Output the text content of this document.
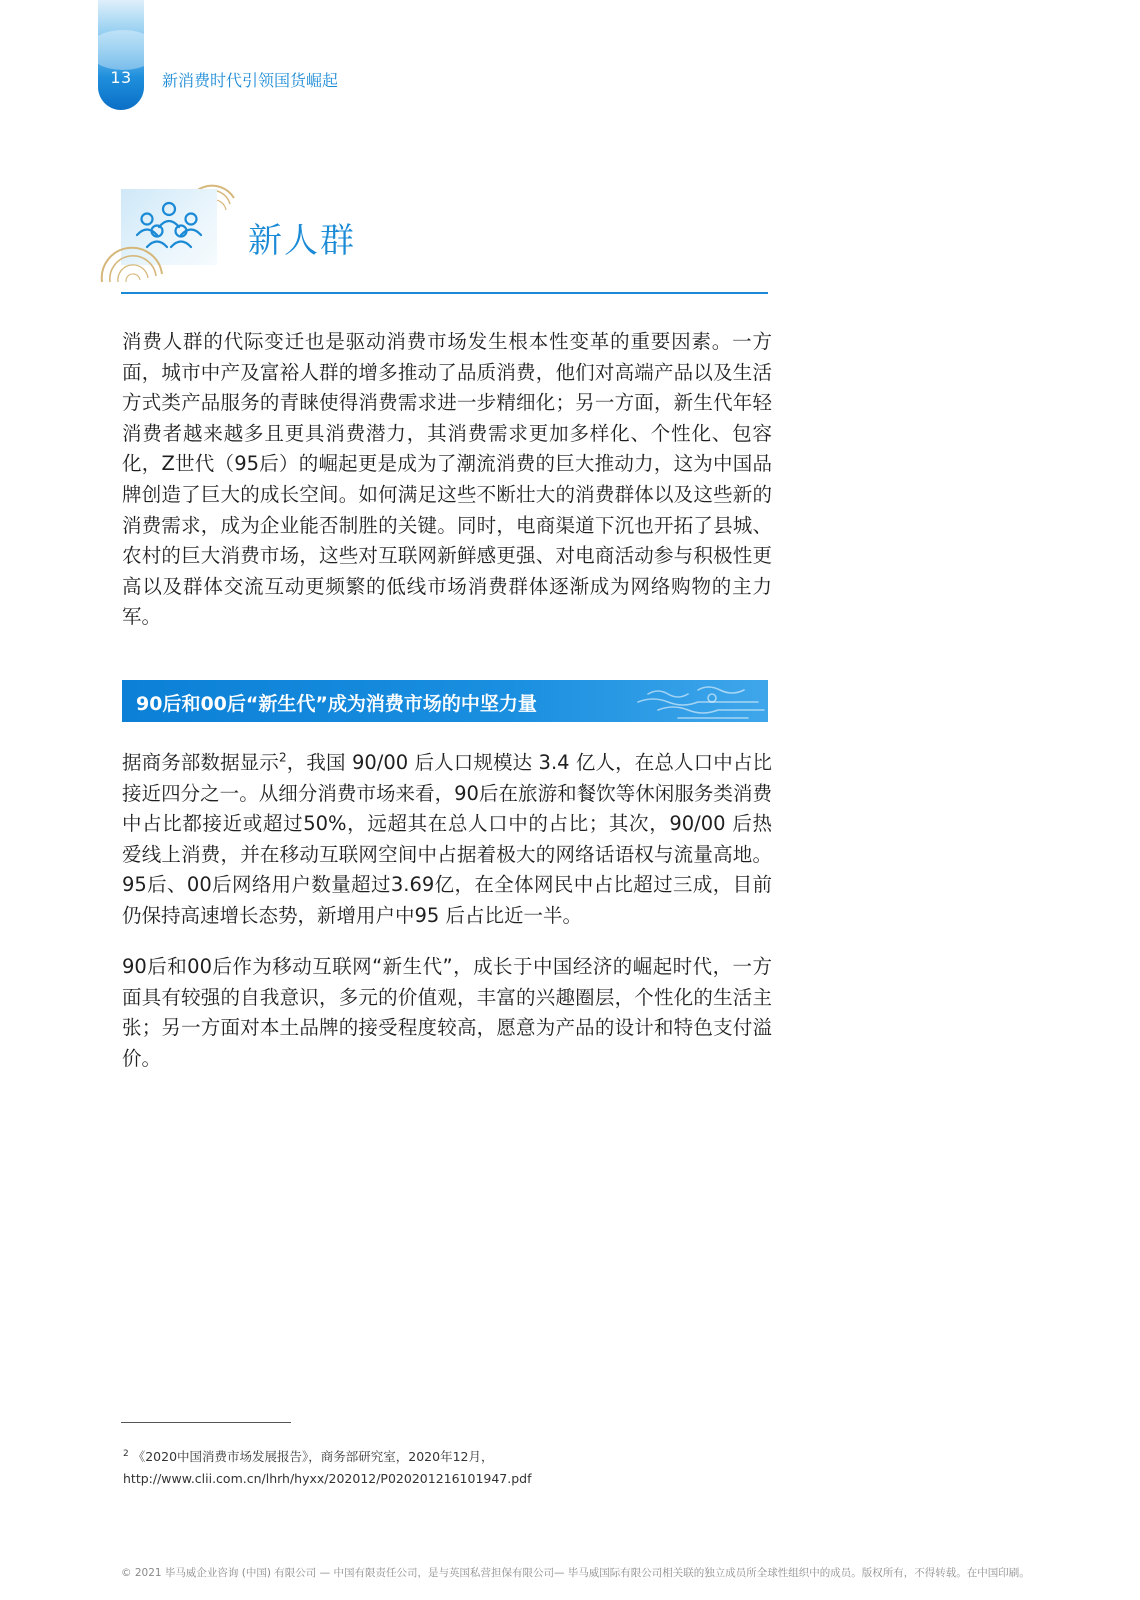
13	新消费时代引领国货崛起
新人群

消费人群的代际变迁也是驱动消费市场发生根本性变革的重要因素。一方面，城市中产及富裕人群的增多推动了品质消费，他们对高端产品以及生活方式类产品服务的青睐使得消费需求进一步精细化；另一方面，新生代年轻消费者越来越多且更具消费潜力，其消费需求更加多样化、个性化、包容化，Z世代（95后）的崛起更是成为了潮流消费的巨大推动力，这为中国品牌创造了巨大的成长空间。如何满足这些不断壮大的消费群体以及这些新的消费需求，成为企业能否制胜的关键。同时，电商渠道下沉也开拓了县城、农村的巨大消费市场，这些对互联网新鲜感更强、对电商活动参与积极性更高以及群体交流互动更频繁的低线市场消费群体逐渐成为网络购物的主力军。

90后和00后“新生代”成为消费市场的中坚力量

据商务部数据显示$^2$，我国 90/00 后人口规模达 3.4 亿人，在总人口中占比接近四分之一。从细分消费市场来看，90后在旅游和餐饮等休闲服务类消费中占比都接近或超过50%，远超其在总人口中的占比；其次，90/00 后热爱线上消费，并在移动互联网空间中占据着极大的网络话语权与流量高地。95后、00后网络用户数量超过3.69亿，在全体网民中占比超过三成，目前仍保持高速增长态势，新增用户中95 后占比近一半。

90后和00后作为移动互联网“新生代”，成长于中国经济的崛起时代，一方面具有较强的自我意识，多元的价值观，丰富的兴趣圈层，个性化的生活主张；另一方面对本土品牌的接受程度较高，愿意为产品的设计和特色支付溢价。

$^2$ 《2020中国消费市场发展报告》，商务部研究室，2020年12月，
http://www.clii.com.cn/lhrh/hyxx/202012/P020201216101947.pdf
© 2021 毕马威企业咨询 (中国) 有限公司 — 中国有限责任公司，是与英国私营担保有限公司— 毕马威国际有限公司相关联的独立成员所全球性组织中的成员。版权所有，不得转载。在中国印刷。
